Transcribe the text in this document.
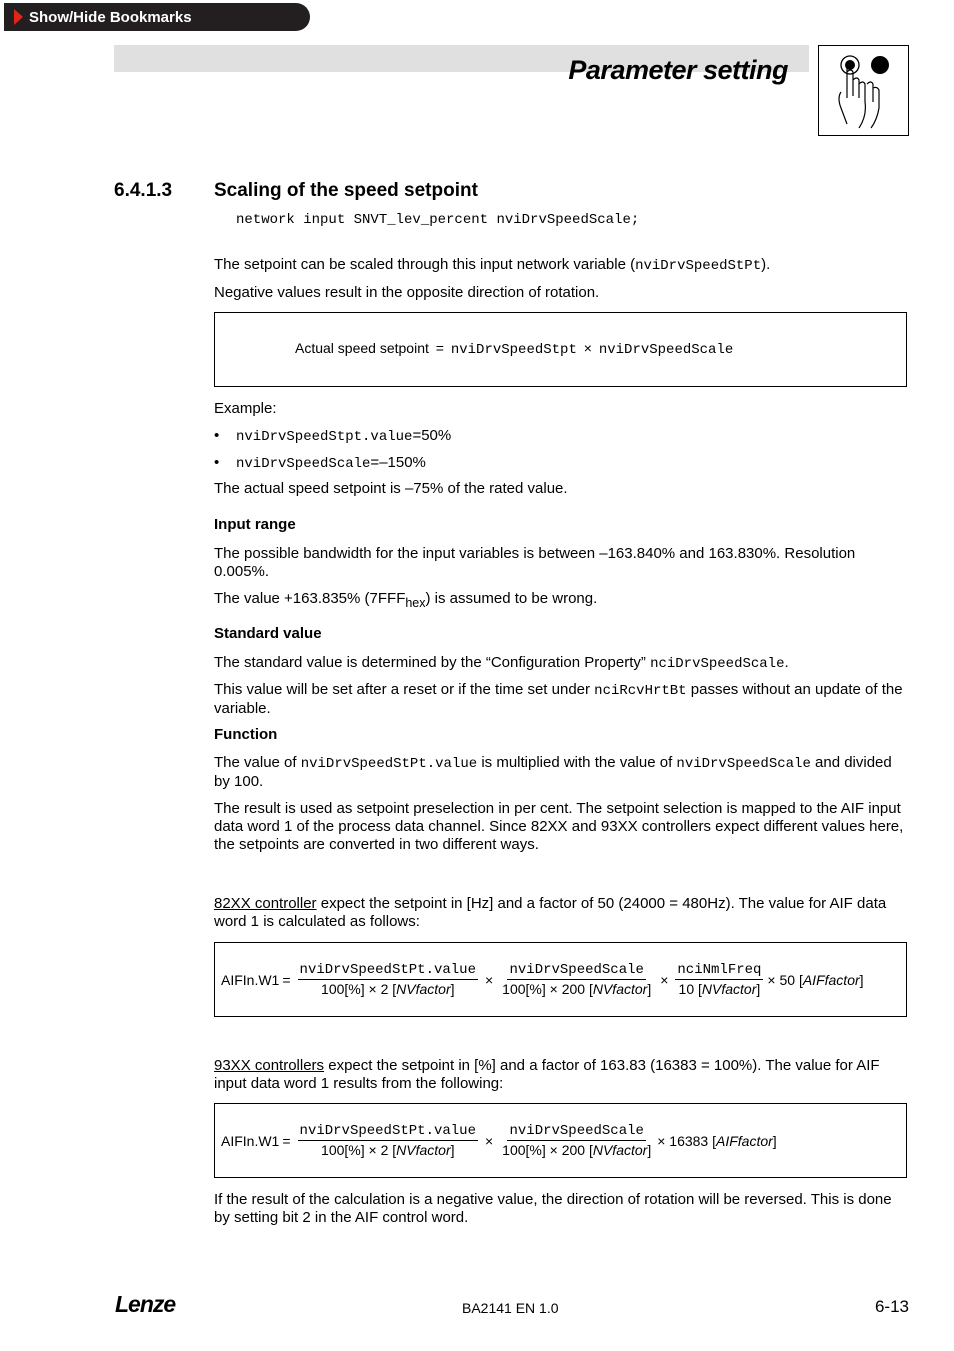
Show/Hide Bookmarks
Parameter setting
6.4.1.3 Scaling of the speed setpoint
network input SNVT_lev_percent nviDrvSpeedScale;

The setpoint can be scaled through this input network variable (nviDrvSpeedStPt).

Negative values result in the opposite direction of rotation.

Actual speed setpoint = nviDrvSpeedStpt × nviDrvSpeedScale

Example:

•	nviDrvSpeedStpt.value = 50%
•	nviDrvSpeedScale = –150%

The actual speed setpoint is –75% of the rated value.

Input range

The possible bandwidth for the input variables is between –163.840% and 163.830%. Resolution 0.005%.

The value +163.835% $(7FFF_{hex})$ is assumed to be wrong.

Standard value

The standard value is determined by the “Configuration Property” nciDrvSpeedScale.

This value will be set after a reset or if the time set under nciRcvHrtBt passes without an update of the variable.

Function

The value of nviDrvSpeedStPt.value is multiplied with the value of nviDrvSpeedScale and divided by 100.

The result is used as setpoint preselection in per cent. The setpoint selection is mapped to the AIF input data word 1 of the process data channel. Since 82XX and 93XX controllers expect different values here, the setpoints are converted in two different ways.

82XX controller expect the setpoint in [Hz] and a factor of 50 (24000 = 480Hz). The value for AIF data word 1 is calculated as follows:

AIFIn.W1 = $\frac{\text{nviDrvSpeedStPt.value}}{\text{100[\%] × 2 [NVfactor]}} \times \frac{\text{nviDrvSpeedScale}}{\text{100[\%] × 200 [NVfactor]}} \times \frac{\text{nciNmlFreq}}{\text{10 [NVfactor]}} \times 50$ [AIFfactor]

93XX controllers expect the setpoint in [%] and a factor of 163.83 (16383 = 100%). The value for AIF input data word 1 results from the following:

AIFIn.W1 = $\frac{\text{nviDrvSpeedStPt.value}}{\text{100[\%] × 2 [NVfactor]}} \times \frac{\text{nviDrvSpeedScale}}{\text{100[\%] × 200 [NVfactor]}} \times 16383$ [AIFfactor]

If the result of the calculation is a negative value, the direction of rotation will be reversed. This is done by setting bit 2 in the AIF control word.

Lenze	BA2141 EN 1.0	6-13
